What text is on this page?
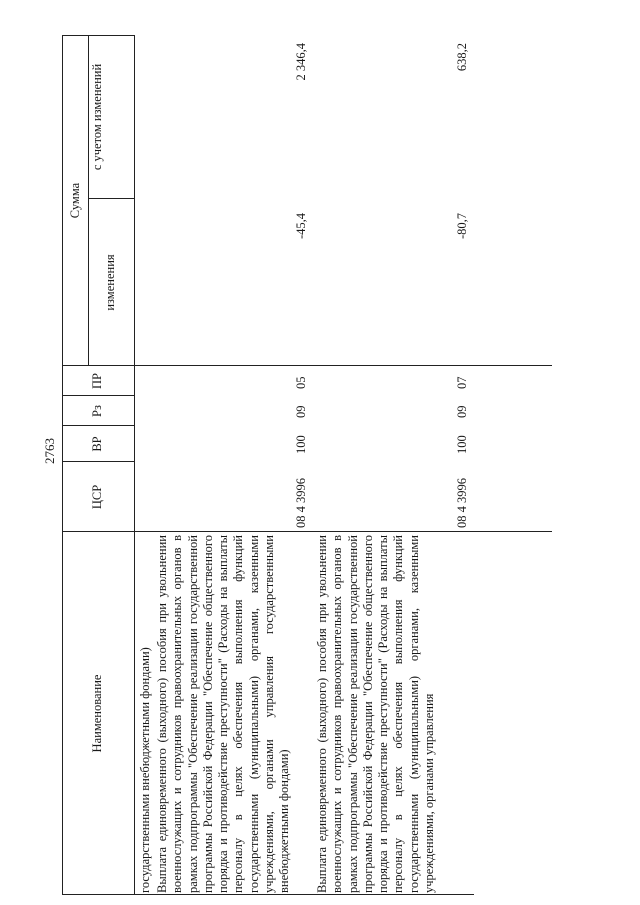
2763
Наименование
ЦСР
ВР
Рз
ПР
Сумма
изменения
с учетом изменений
государственными внебюджетными фондами) Выплата единовременного (выходного) пособия при увольнении военнослужащих и сотрудников правоохранительных органов в рамках подпрограммы "Обеспечение реализации государственной программы Российской Федерации "Обеспечение общественного порядка и противодействие преступности" (Расходы на выплаты персоналу в целях обеспечения выполнения функций государственными (муниципальными) органами, казенными учреждениями, органами управления государственными внебюджетными фондами)
08 4 3996
100
09
05
-45,4
2 346,4
Выплата единовременного (выходного) пособия при увольнении военнослужащих и сотрудников правоохранительных органов в рамках подпрограммы "Обеспечение реализации государственной программы Российской Федерации "Обеспечение общественного порядка и противодействие преступности" (Расходы на выплаты персоналу в целях обеспечения выполнения функций государственными (муниципальными) органами, казенными учреждениями, органами управления
08 4 3996
100
09
07
-80,7
638,2
